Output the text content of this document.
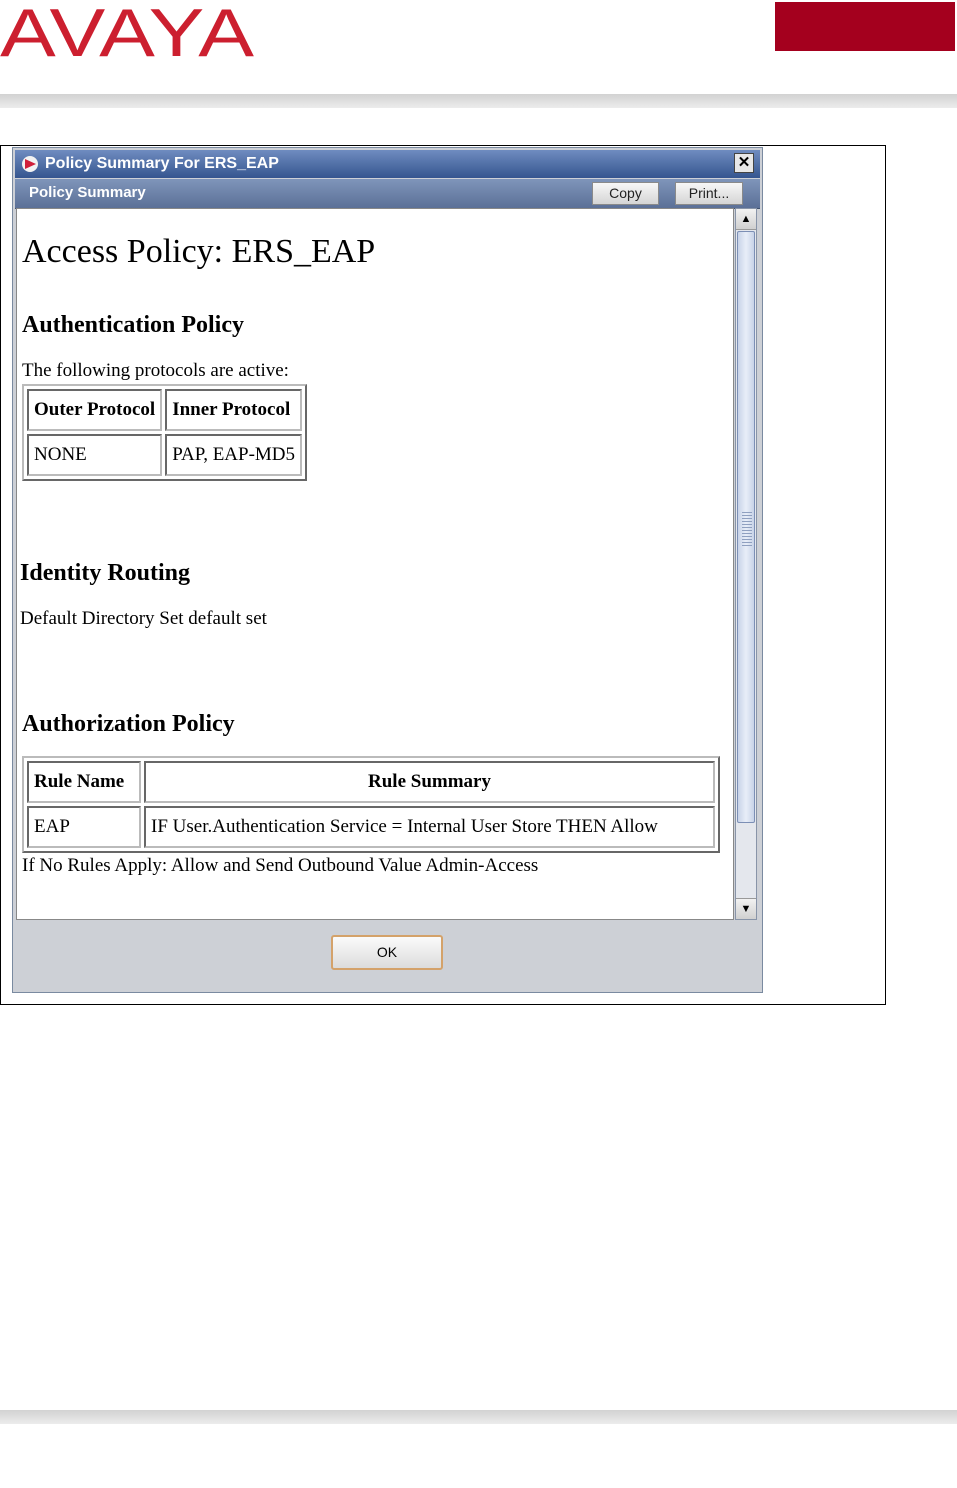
AVAYA
Policy Summary For ERS_EAP	✕
Policy Summary	Copy	Print...
Access Policy: ERS_EAP
Authentication Policy
The following protocols are active:
Outer Protocol	Inner Protocol
NONE	PAP, EAP-MD5
Identity Routing
Default Directory Set default set
Authorization Policy
Rule Name	Rule Summary
EAP	IF User.Authentication Service = Internal User Store THEN Allow
If No Rules Apply: Allow and Send Outbound Value Admin-Access
▲
▼
OK
